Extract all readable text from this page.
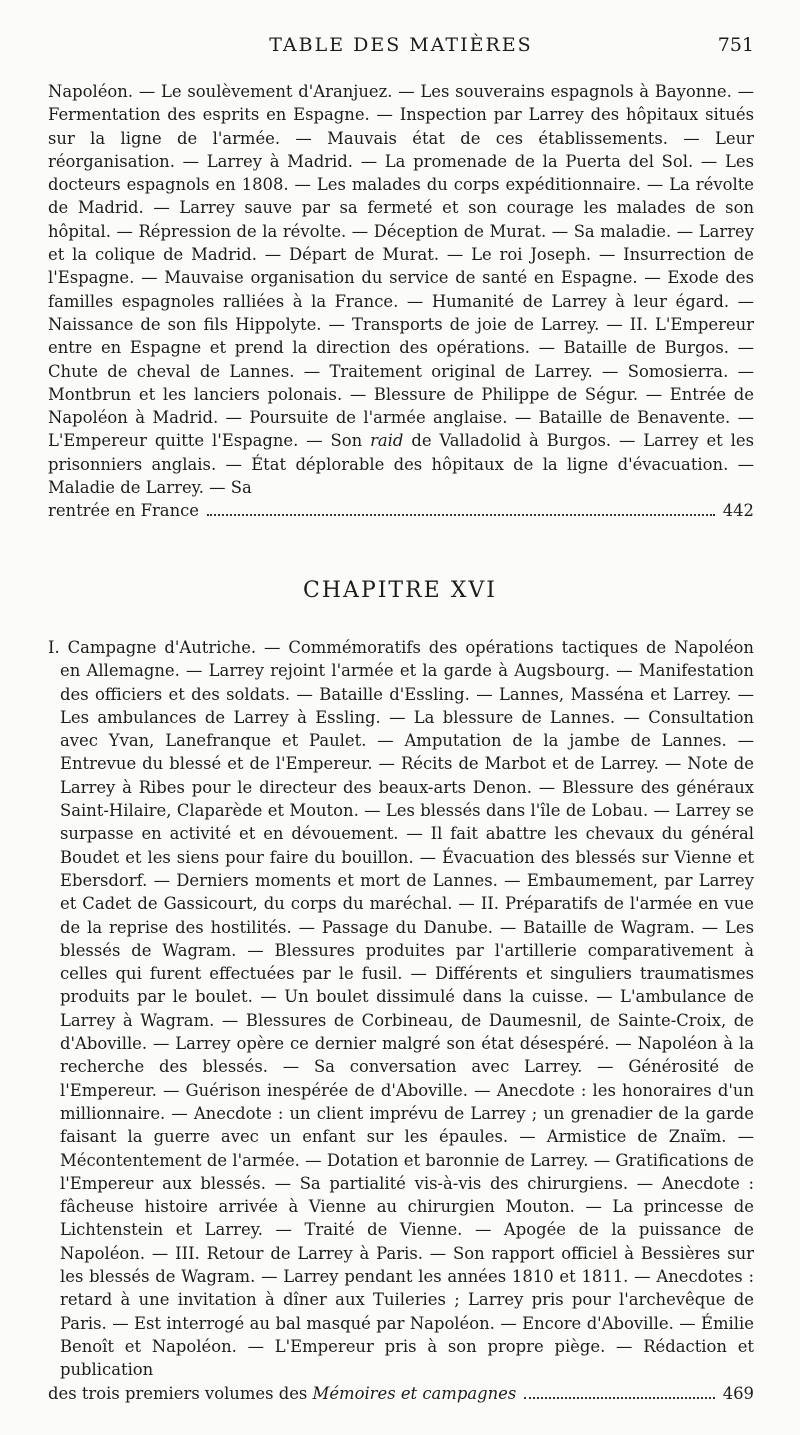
TABLE DES MATIÈRES	751

Napoléon. — Le soulèvement d'Aranjuez. — Les souverains espagnols à Bayonne. — Fermentation des esprits en Espagne. — Inspection par Larrey des hôpitaux situés sur la ligne de l'armée. — Mauvais état de ces établissements. — Leur réorganisation. — Larrey à Madrid. — La promenade de la Puerta del Sol. — Les docteurs espagnols en 1808. — Les malades du corps expéditionnaire. — La révolte de Madrid. — Larrey sauve par sa fermeté et son courage les malades de son hôpital. — Répression de la révolte. — Déception de Murat. — Sa maladie. — Larrey et la colique de Madrid. — Départ de Murat. — Le roi Joseph. — Insurrection de l'Espagne. — Mauvaise organisation du service de santé en Espagne. — Exode des familles espagnoles ralliées à la France. — Humanité de Larrey à leur égard. — Naissance de son fils Hippolyte. — Transports de joie de Larrey. — II. L'Empereur entre en Espagne et prend la direction des opérations. — Bataille de Burgos. — Chute de cheval de Lannes. — Traitement original de Larrey. — Somosierra. — Montbrun et les lanciers polonais. — Blessure de Philippe de Ségur. — Entrée de Napoléon à Madrid. — Poursuite de l'armée anglaise. — Bataille de Benavente. — L'Empereur quitte l'Espagne. — Son raid de Valladolid à Burgos. — Larrey et les prisonniers anglais. — État déplorable des hôpitaux de la ligne d'évacuation. — Maladie de Larrey. — Sa

rentrée en France	442
CHAPITRE XVI

I. Campagne d'Autriche. — Commémoratifs des opérations tactiques de Napoléon en Allemagne. — Larrey rejoint l'armée et la garde à Augsbourg. — Manifestation des officiers et des soldats. — Bataille d'Essling. — Lannes, Masséna et Larrey. — Les ambulances de Larrey à Essling. — La blessure de Lannes. — Consultation avec Yvan, Lanefranque et Paulet. — Amputation de la jambe de Lannes. — Entrevue du blessé et de l'Empereur. — Récits de Marbot et de Larrey. — Note de Larrey à Ribes pour le directeur des beaux-arts Denon. — Blessure des généraux Saint-Hilaire, Claparède et Mouton. — Les blessés dans l'île de Lobau. — Larrey se surpasse en activité et en dévouement. — Il fait abattre les chevaux du général Boudet et les siens pour faire du bouillon. — Évacuation des blessés sur Vienne et Ebersdorf. — Derniers moments et mort de Lannes. — Embaumement, par Larrey et Cadet de Gassicourt, du corps du maréchal. — II. Préparatifs de l'armée en vue de la reprise des hostilités. — Passage du Danube. — Bataille de Wagram. — Les blessés de Wagram. — Blessures produites par l'artillerie comparativement à celles qui furent effectuées par le fusil. — Différents et singuliers traumatismes produits par le boulet. — Un boulet dissimulé dans la cuisse. — L'ambulance de Larrey à Wagram. — Blessures de Corbineau, de Daumesnil, de Sainte-Croix, de d'Aboville. — Larrey opère ce dernier malgré son état désespéré. — Napoléon à la recherche des blessés. — Sa conversation avec Larrey. — Générosité de l'Empereur. — Guérison inespérée de d'Aboville. — Anecdote : les honoraires d'un millionnaire. — Anecdote : un client imprévu de Larrey ; un grenadier de la garde faisant la guerre avec un enfant sur les épaules. — Armistice de Znaïm. — Mécontentement de l'armée. — Dotation et baronnie de Larrey. — Gratifications de l'Empereur aux blessés. — Sa partialité vis-à-vis des chirurgiens. — Anecdote : fâcheuse histoire arrivée à Vienne au chirurgien Mouton. — La princesse de Lichtenstein et Larrey. — Traité de Vienne. — Apogée de la puissance de Napoléon. — III. Retour de Larrey à Paris. — Son rapport officiel à Bessières sur les blessés de Wagram. — Larrey pendant les années 1810 et 1811. — Anecdotes : retard à une invitation à dîner aux Tuileries ; Larrey pris pour l'archevêque de Paris. — Est interrogé au bal masqué par Napoléon. — Encore d'Aboville. — Émilie Benoît et Napoléon. — L'Empereur pris à son propre piège. — Rédaction et publication

des trois premiers volumes des Mémoires et campagnes	469
